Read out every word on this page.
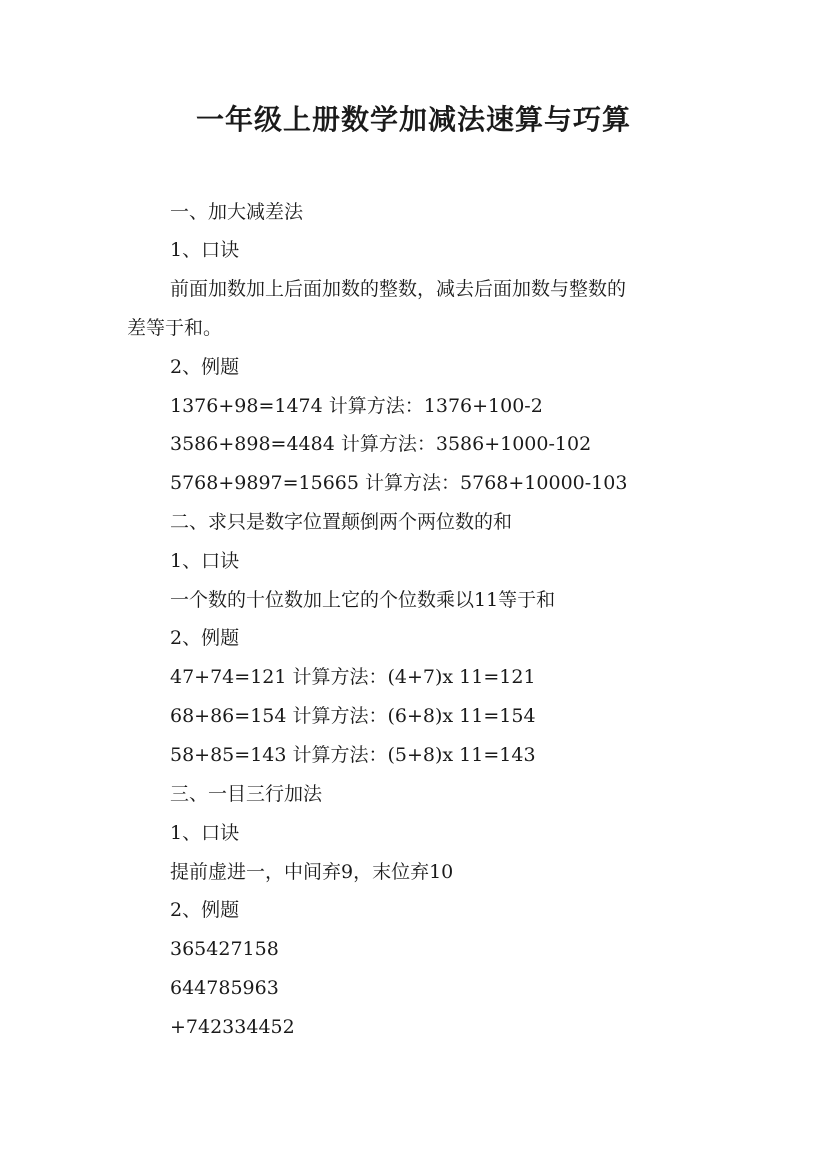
一年级上册数学加减法速算与巧算
一、加大减差法
1、口诀
前面加数加上后面加数的整数，减去后面加数与整数的
差等于和。
2、例题
1376+98=1474 计算方法：1376+100-2
3586+898=4484 计算方法：3586+1000-102
5768+9897=15665 计算方法：5768+10000-103
二、求只是数字位置颠倒两个两位数的和
1、口诀
一个数的十位数加上它的个位数乘以11等于和
2、例题
47+74=121 计算方法：(4+7)x 11=121
68+86=154 计算方法：(6+8)x 11=154
58+85=143 计算方法：(5+8)x 11=143
三、一目三行加法
1、口诀
提前虚进一，中间弃9，末位弃10
2、例题
365427158
644785963
+742334452
